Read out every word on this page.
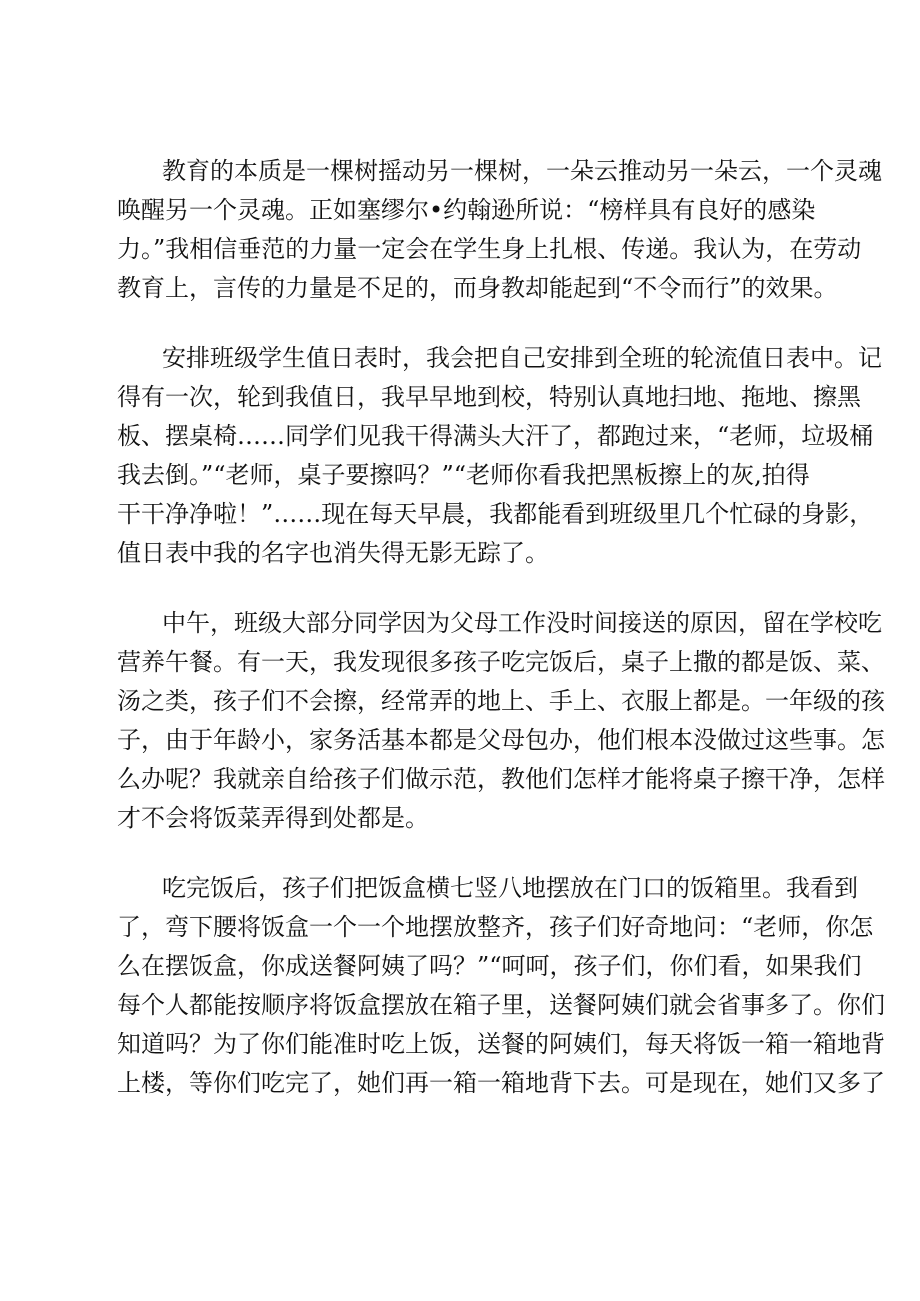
教育的本质是一棵树摇动另一棵树，一朵云推动另一朵云，一个灵魂
唤醒另一个灵魂。正如塞缪尔•约翰逊所说：“榜样具有良好的感染
力。”我相信垂范的力量一定会在学生身上扎根、传递。我认为，在劳动
教育上，言传的力量是不足的，而身教却能起到“不令而行”的效果。
安排班级学生值日表时，我会把自己安排到全班的轮流值日表中。记
得有一次，轮到我值日，我早早地到校，特别认真地扫地、拖地、擦黑
板、摆桌椅……同学们见我干得满头大汗了，都跑过来，“老师，垃圾桶
我去倒。”“老师，桌子要擦吗？”“老师你看我把黑板擦上的灰,拍得
干干净净啦！”……现在每天早晨，我都能看到班级里几个忙碌的身影，
值日表中我的名字也消失得无影无踪了。
中午，班级大部分同学因为父母工作没时间接送的原因，留在学校吃
营养午餐。有一天，我发现很多孩子吃完饭后，桌子上撒的都是饭、菜、
汤之类，孩子们不会擦，经常弄的地上、手上、衣服上都是。一年级的孩
子，由于年龄小，家务活基本都是父母包办，他们根本没做过这些事。怎
么办呢？我就亲自给孩子们做示范，教他们怎样才能将桌子擦干净，怎样
才不会将饭菜弄得到处都是。
吃完饭后，孩子们把饭盒横七竖八地摆放在门口的饭箱里。我看到
了，弯下腰将饭盒一个一个地摆放整齐，孩子们好奇地问：“老师，你怎
么在摆饭盒，你成送餐阿姨了吗？”“呵呵，孩子们，你们看，如果我们
每个人都能按顺序将饭盒摆放在箱子里，送餐阿姨们就会省事多了。你们
知道吗？为了你们能准时吃上饭，送餐的阿姨们，每天将饭一箱一箱地背
上楼，等你们吃完了，她们再一箱一箱地背下去。可是现在，她们又多了
